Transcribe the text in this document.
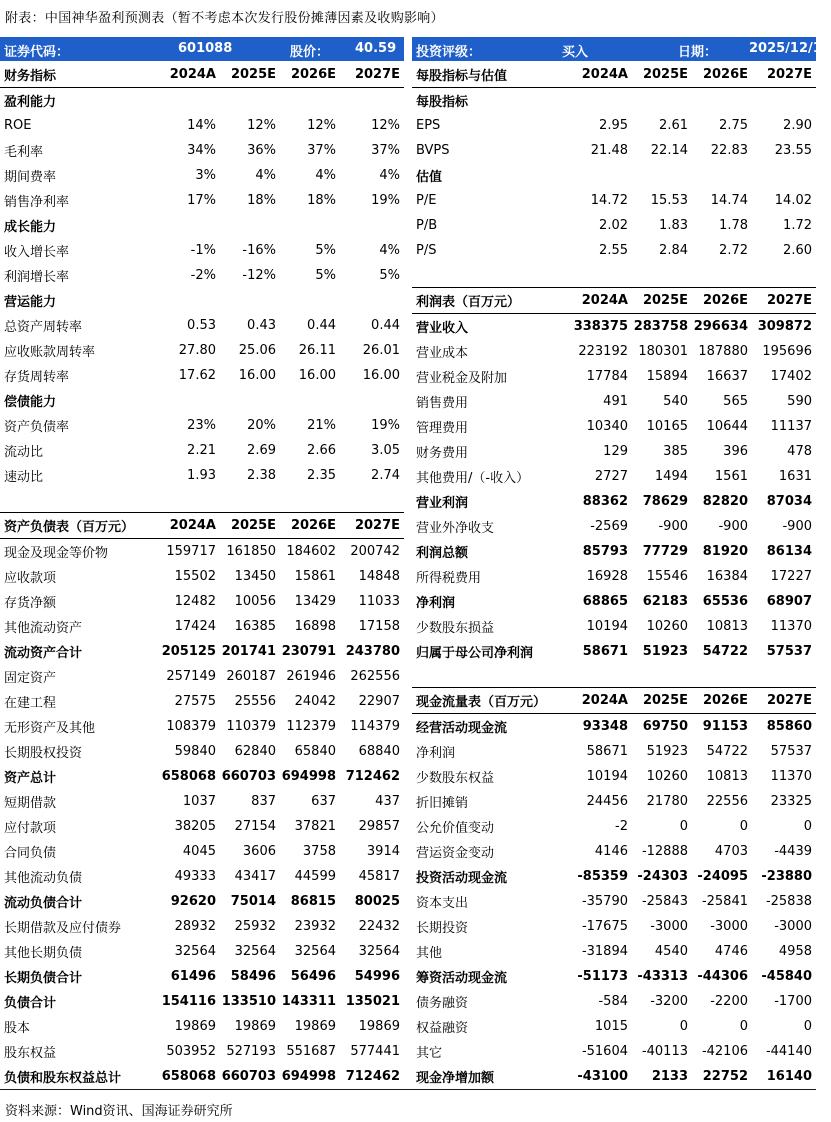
附表：中国神华盈利预测表（暂不考虑本次发行股份摊薄因素及收购影响）
证券代码：	601088	股价： 40.59 投资评级：	买入	日期： 2025/12/19
财务指标	2024A	2025E	2026E	2027E
盈利能力				
ROE	14%	12%	12%	12%
毛利率	34%	36%	37%	37%
期间费率	3%	4%	4%	4%
销售净利率	17%	18%	18%	19%
成长能力				
收入增长率	-1%	-16%	5%	4%
利润增长率	-2%	-12%	5%	5%
营运能力				
总资产周转率	0.53	0.43	0.44	0.44
应收账款周转率	27.80	25.06	26.11	26.01
存货周转率	17.62	16.00	16.00	16.00
偿债能力				
资产负债率	23%	20%	21%	19%
流动比	2.21	2.69	2.66	3.05
速动比	1.93	2.38	2.35	2.74
每股指标与估值	2024A	2025E	2026E	2027E
每股指标				
EPS	2.95	2.61	2.75	2.90
BVPS	21.48	22.14	22.83	23.55
估值				
P/E	14.72	15.53	14.74	14.02
P/B	2.02	1.83	1.78	1.72
P/S	2.55	2.84	2.72	2.60
利润表（百万元）	2024A	2025E	2026E	2027E
营业收入	338375	283758	296634	309872
营业成本	223192	180301	187880	195696
营业税金及附加	17784	15894	16637	17402
销售费用	491	540	565	590
管理费用	10340	10165	10644	11137
财务费用	129	385	396	478
其他费用/（-收入）	2727	1494	1561	1631
营业利润	88362	78629	82820	87034
营业外净收支	-2569	-900	-900	-900
利润总额	85793	77729	81920	86134
所得税费用	16928	15546	16384	17227
净利润	68865	62183	65536	68907
少数股东损益	10194	10260	10813	11370
归属于母公司净利润	58671	51923	54722	57537
资产负债表（百万元）	2024A	2025E	2026E	2027E
现金及现金等价物	159717	161850	184602	200742
应收款项	15502	13450	15861	14848
存货净额	12482	10056	13429	11033
其他流动资产	17424	16385	16898	17158
流动资产合计	205125	201741	230791	243780
固定资产	257149	260187	261946	262556
在建工程	27575	25556	24042	22907
无形资产及其他	108379	110379	112379	114379
长期股权投资	59840	62840	65840	68840
资产总计	658068	660703	694998	712462
短期借款	1037	837	637	437
应付款项	38205	27154	37821	29857
合同负债	4045	3606	3758	3914
其他流动负债	49333	43417	44599	45817
流动负债合计	92620	75014	86815	80025
长期借款及应付债券	28932	25932	23932	22432
其他长期负债	32564	32564	32564	32564
长期负债合计	61496	58496	56496	54996
负债合计	154116	133510	143311	135021
股本	19869	19869	19869	19869
股东权益	503952	527193	551687	577441
负债和股东权益总计	658068	660703	694998	712462
现金流量表（百万元）	2024A	2025E	2026E	2027E
经营活动现金流	93348	69750	91153	85860
净利润	58671	51923	54722	57537
少数股东权益	10194	10260	10813	11370
折旧摊销	24456	21780	22556	23325
公允价值变动	-2	0	0	0
营运资金变动	4146	-12888	4703	-4439
投资活动现金流	-85359	-24303	-24095	-23880
资本支出	-35790	-25843	-25841	-25838
长期投资	-17675	-3000	-3000	-3000
其他	-31894	4540	4746	4958
筹资活动现金流	-51173	-43313	-44306	-45840
债务融资	-584	-3200	-2200	-1700
权益融资	1015	0	0	0
其它	-51604	-40113	-42106	-44140
现金净增加额	-43100	2133	22752	16140
资料来源：Wind资讯、国海证券研究所
